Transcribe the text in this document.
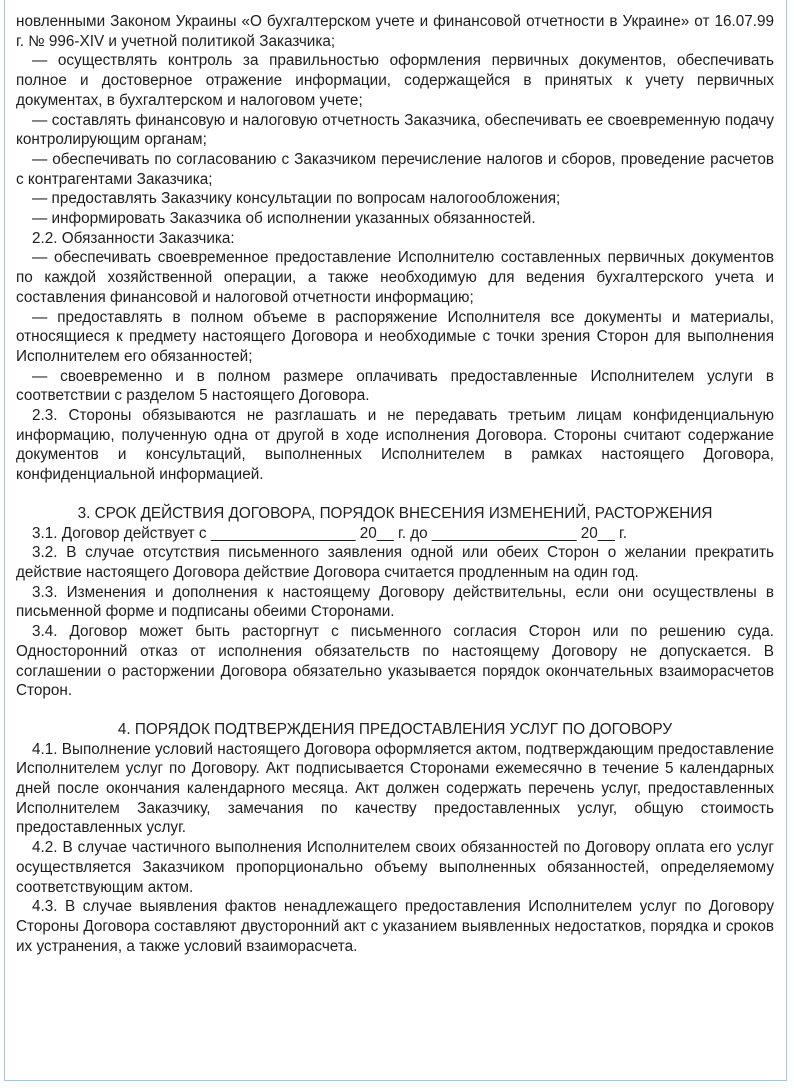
новленными Законом Украины «О бухгалтерском учете и финансовой отчетности в Украине» от 16.07.99 г. № 996-XIV и учетной политикой Заказчика;

— осуществлять контроль за правильностью оформления первичных документов, обеспечивать полное и достоверное отражение информации, содержащейся в принятых к учету первичных документах, в бухгалтерском и налоговом учете;

— составлять финансовую и налоговую отчетность Заказчика, обеспечивать ее своевременную подачу контролирующим органам;

— обеспечивать по согласованию с Заказчиком перечисление налогов и сборов, проведение расчетов с контрагентами Заказчика;

— предоставлять Заказчику консультации по вопросам налогообложения;

— информировать Заказчика об исполнении указанных обязанностей.

2.2. Обязанности Заказчика:

— обеспечивать своевременное предоставление Исполнителю составленных первичных документов по каждой хозяйственной операции, а также необходимую для ведения бухгалтерского учета и составления финансовой и налоговой отчетности информацию;

— предоставлять в полном объеме в распоряжение Исполнителя все документы и материалы, относящиеся к предмету настоящего Договора и необходимые с точки зрения Сторон для выполнения Исполнителем его обязанностей;

— своевременно и в полном размере оплачивать предоставленные Исполнителем услуги в соответствии с разделом 5 настоящего Договора.

2.3. Стороны обязываются не разглашать и не передавать третьим лицам конфиденциальную информацию, полученную одна от другой в ходе исполнения Договора. Стороны считают содержание документов и консультаций, выполненных Исполнителем в рамках настоящего Договора, конфиденциальной информацией.

3. СРОК ДЕЙСТВИЯ ДОГОВОРА, ПОРЯДОК ВНЕСЕНИЯ ИЗМЕНЕНИЙ, РАСТОРЖЕНИЯ

3.1. Договор действует с _________________ 20__ г. до _________________ 20__ г.

3.2. В случае отсутствия письменного заявления одной или обеих Сторон о желании прекратить действие настоящего Договора действие Договора считается продленным на один год.

3.3. Изменения и дополнения к настоящему Договору действительны, если они осуществлены в письменной форме и подписаны обеими Сторонами.

3.4. Договор может быть расторгнут с письменного согласия Сторон или по решению суда. Односторонний отказ от исполнения обязательств по настоящему Договору не допускается. В соглашении о расторжении Договора обязательно указывается порядок окончательных взаиморасчетов Сторон.

4. ПОРЯДОК ПОДТВЕРЖДЕНИЯ ПРЕДОСТАВЛЕНИЯ УСЛУГ ПО ДОГОВОРУ

4.1. Выполнение условий настоящего Договора оформляется актом, подтверждающим предоставление Исполнителем услуг по Договору. Акт подписывается Сторонами ежемесячно в течение 5 календарных дней после окончания календарного месяца. Акт должен содержать перечень услуг, предоставленных Исполнителем Заказчику, замечания по качеству предоставленных услуг, общую стоимость предоставленных услуг.

4.2. В случае частичного выполнения Исполнителем своих обязанностей по Договору оплата его услуг осуществляется Заказчиком пропорционально объему выполненных обязанностей, определяемому соответствующим актом.

4.3. В случае выявления фактов ненадлежащего предоставления Исполнителем услуг по Договору Стороны Договора составляют двусторонний акт с указанием выявленных недостатков, порядка и сроков их устранения, а также условий взаиморасчета.
